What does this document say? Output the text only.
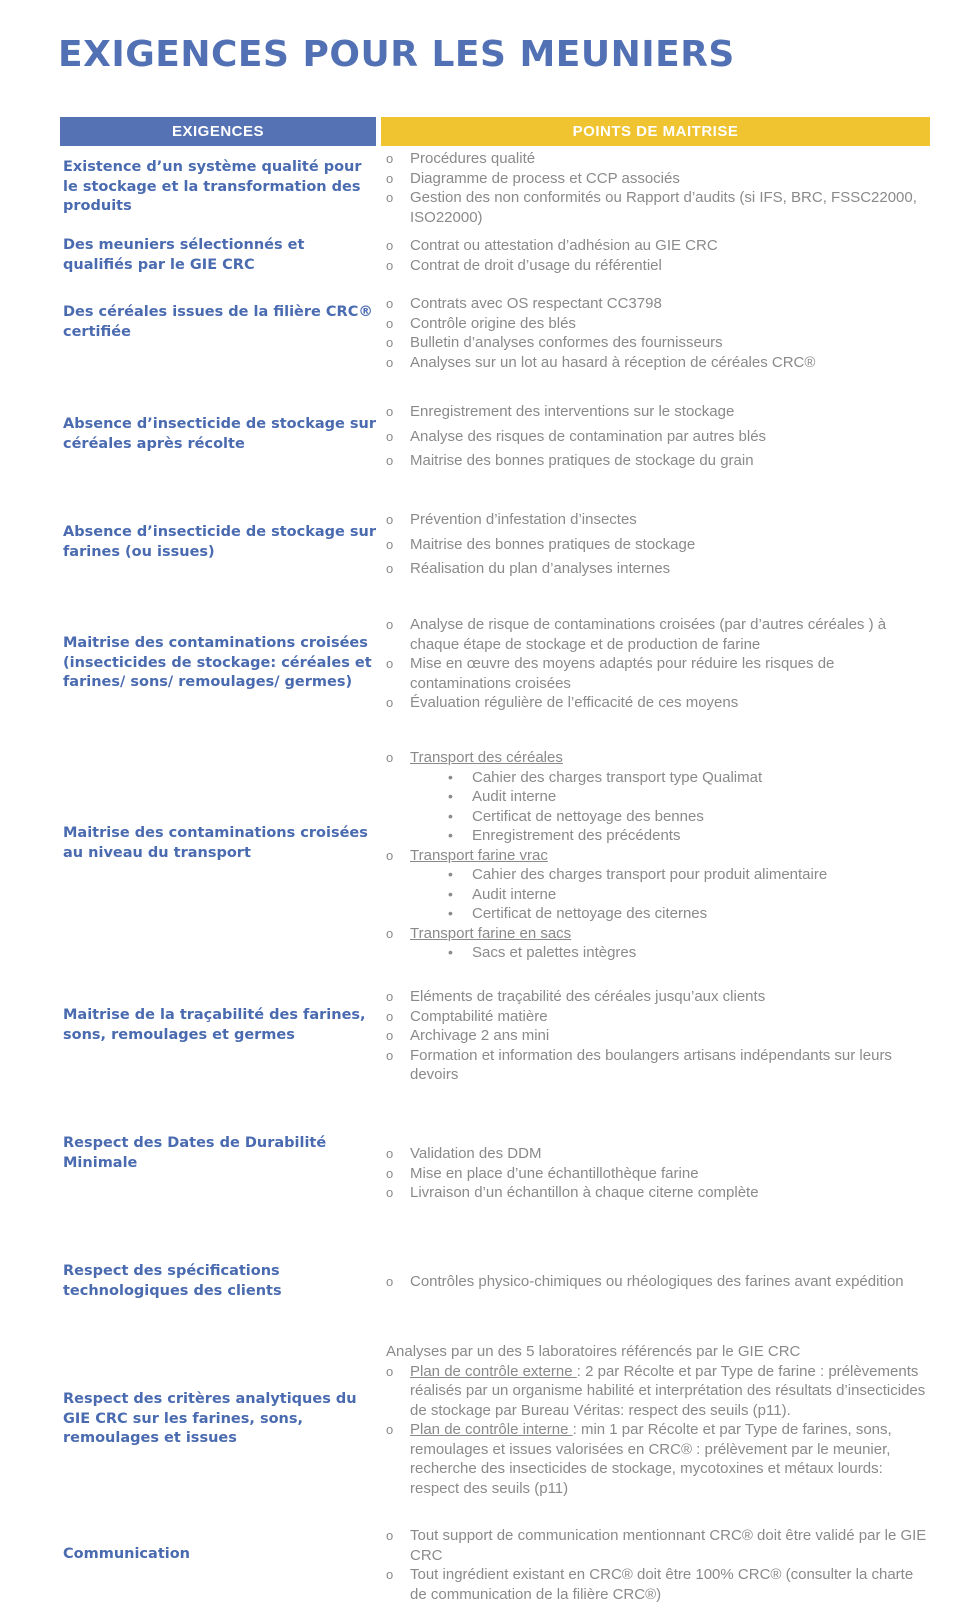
EXIGENCES POUR LES MEUNIERS
EXIGENCES	POINTS DE MAITRISE

Existence d’un système qualité pour le stockage et la transformation des produits

o Procédures qualité
o Diagramme de process et CCP associés
o Gestion des non conformités ou Rapport d’audits (si IFS, BRC, FSSC22000, ISO22000)

Des meuniers sélectionnés et qualifiés par le GIE CRC

o Contrat ou attestation d’adhésion au GIE CRC
o Contrat de droit d’usage du référentiel

Des céréales issues de la filière CRC® certifiée

o Contrats avec OS respectant CC3798
o Contrôle origine des blés
o Bulletin d’analyses conformes des fournisseurs
o Analyses sur un lot au hasard à réception de céréales CRC®

Absence d’insecticide de stockage sur céréales après récolte

o Enregistrement des interventions sur le stockage
o Analyse des risques de contamination par autres blés
o Maitrise des bonnes pratiques de stockage du grain

Absence d’insecticide de stockage sur farines (ou issues)

o Prévention d’infestation d’insectes
o Maitrise des bonnes pratiques de stockage
o Réalisation du plan d’analyses internes

Maitrise des contaminations croisées (insecticides de stockage: céréales et farines/ sons/ remoulages/ germes)

o Analyse de risque de contaminations croisées (par d’autres céréales ) à chaque étape de stockage et de production de farine
o Mise en œuvre des moyens adaptés pour réduire les risques de contaminations croisées
o Évaluation régulière de l’efficacité de ces moyens

Maitrise des contaminations croisées au niveau du transport

o Transport des céréales
• Cahier des charges transport type Qualimat
• Audit interne
• Certificat de nettoyage des bennes
• Enregistrement des précédents
o Transport farine vrac
• Cahier des charges transport pour produit alimentaire
• Audit interne
• Certificat de nettoyage des citernes
o Transport farine en sacs
• Sacs et palettes intègres

Maitrise de la traçabilité des farines, sons, remoulages et germes

o Eléments de traçabilité des céréales jusqu’aux clients
o Comptabilité matière
o Archivage 2 ans mini
o Formation et information des boulangers artisans indépendants sur leurs devoirs

Respect des Dates de Durabilité Minimale

o Validation des DDM
o Mise en place d’une échantillothèque farine
o Livraison d’un échantillon à chaque citerne complète

Respect des spécifications technologiques des clients

o Contrôles physico-chimiques ou rhéologiques des farines avant expédition

Respect des critères analytiques du GIE CRC sur les farines, sons, remoulages et issues

Analyses par un des 5 laboratoires référencés par le GIE CRC
o Plan de contrôle externe : 2 par Récolte et par Type de farine : prélèvements réalisés par un organisme habilité et interprétation des résultats d’insecticides de stockage par Bureau Véritas: respect des seuils (p11).
o Plan de contrôle interne : min 1 par Récolte et par Type de farines, sons, remoulages et issues valorisées en CRC® : prélèvement par le meunier, recherche des insecticides de stockage, mycotoxines et métaux lourds: respect des seuils (p11)

Communication

o Tout support de communication mentionnant CRC® doit être validé par le GIE CRC
o Tout ingrédient existant en CRC® doit être 100% CRC® (consulter la charte de communication de la filière CRC®)
